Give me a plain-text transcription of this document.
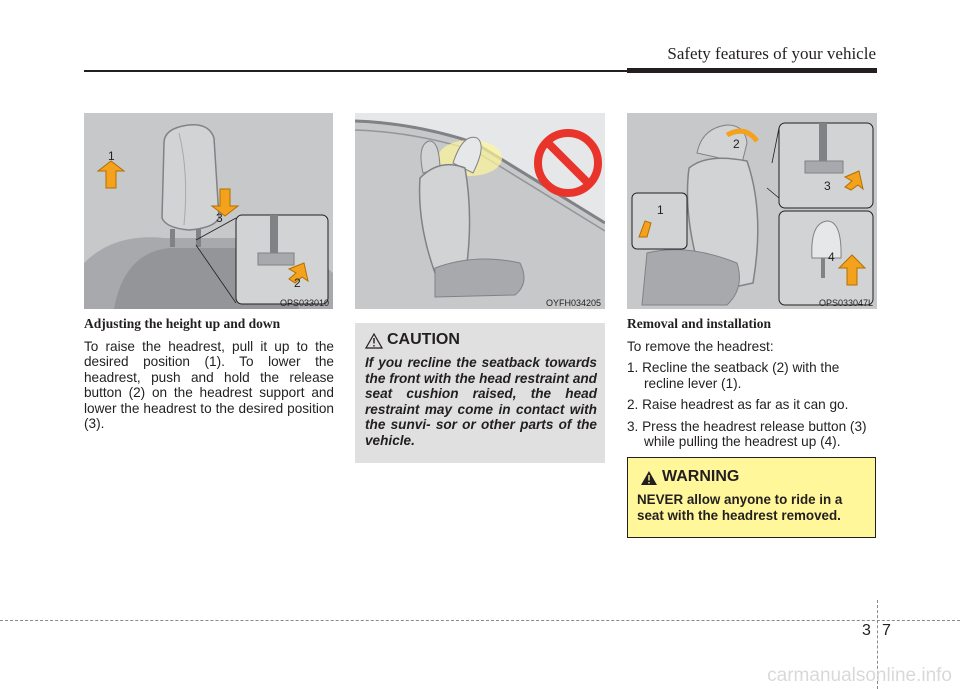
Safety features of your vehicle
1
3
2
OPS033010	OYFH034205
2
3
1
4
OPS033047L
Adjusting the height up and down
To raise the headrest, pull it up to the desired position (1). To lower the headrest, push and hold the release button (2) on the headrest support and lower the headrest to the desired position (3).
CAUTION
If you recline the seatback towards the front with the head restraint and seat cushion raised, the head restraint may come in contact with the sunvi- sor or other parts of the vehicle.
Removal and installation
To remove the headrest:
1. Recline the seatback (2) with the recline lever (1).
2. Raise headrest as far as it can go.
3. Press the headrest release button (3) while pulling the headrest up (4).
WARNING
NEVER allow anyone to ride in a seat with the headrest removed.
3 7
carmanualsonline.info
